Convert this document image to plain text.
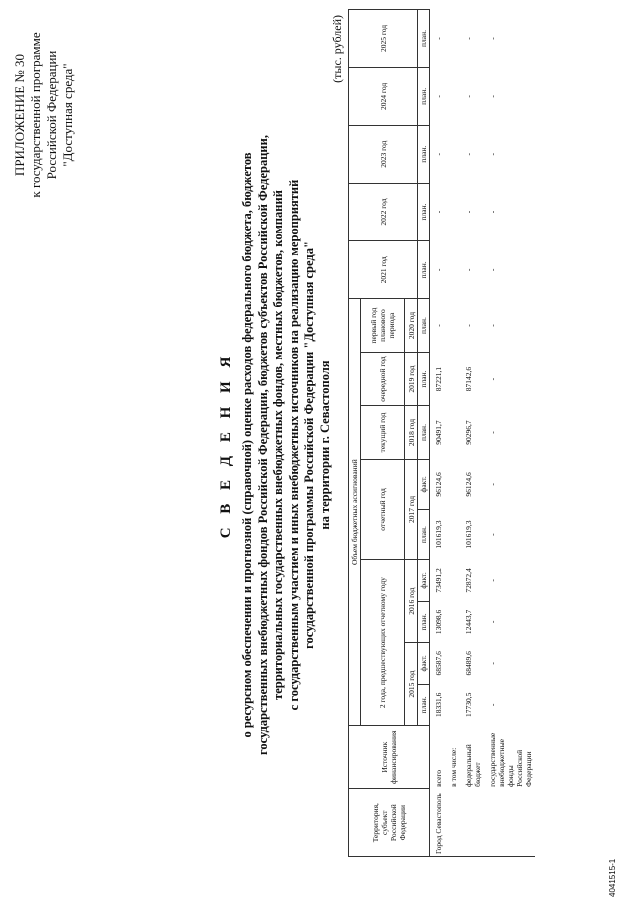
ПРИЛОЖЕНИЕ № 30 к государственной программе Российской Федерации "Доступная среда"
С В Е Д Е Н И Я о ресурсном обеспечении и прогнозной (справочной) оценке расходов федерального бюджета, бюджетов государственных внебюджетных фондов Российской Федерации, бюджетов субъектов Российской Федерации, территориальных государственных внебюджетных фондов, местных бюджетов, компаний с государственным участием и иных внебюджетных источников на реализацию мероприятий государственной программы Российской Федерации "Доступная среда" на территории г. Севастополя
(тыс. рублей)
Территория, субъект Российской Федерации	Источник финансирования	Объем бюджетных ассигнований									2021 год	2022 год	2023 год	2024 год	2025 год
		2 года, предшествующих отчетному году				отчетный год		текущий год	очередной год	первый год планового периода					
		2015 год		2016 год		2017 год		2018 год	2019 год	2020 год					
		план.	факт.	план.	факт.	план.	факт.	план.	план.	план.	план.	план.	план.	план.	план.
Город Севастополь	всего	18331,6	68587,6	13098,6	73491,2	101619,3	96124,6	90491,7	87221,1	-	-	-	-	-	-
	в том числе:														
	федеральный бюджет	17730,5	68489,6	12443,7	72872,4	101619,3	96124,6	90296,7	87142,6	-	-	-	-	-	-
	государственные внебюджетные фонды Российской Федерации	-	-	-	-	-	-	-	-	-	-	-	-	-	-
4041515-1
